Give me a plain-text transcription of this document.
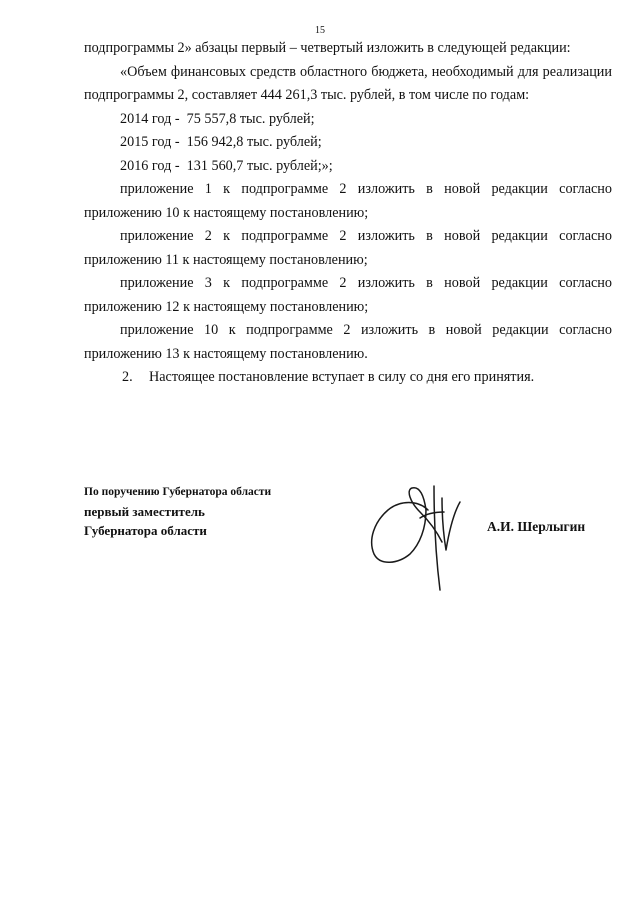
15

подпрограммы 2» абзацы первый – четвертый изложить в следующей редакции:

«Объем финансовых средств областного бюджета, необходимый для реализации подпрограммы 2, составляет 444 261,3 тыс. рублей, в том числе по годам:

2014 год -  75 557,8 тыс. рублей;

2015 год -  156 942,8 тыс. рублей;

2016 год -  131 560,7 тыс. рублей;»;

приложение 1 к подпрограмме 2 изложить в новой редакции согласно приложению 10 к настоящему постановлению;

приложение 2 к подпрограмме 2 изложить в новой редакции согласно приложению 11 к настоящему постановлению;

приложение 3 к подпрограмме 2 изложить в новой редакции согласно приложению 12 к настоящему постановлению;

приложение 10 к подпрограмме 2 изложить в новой редакции согласно приложению 13 к настоящему постановлению.

2. Настоящее постановление вступает в силу со дня его принятия.

По поручению Губернатора области
первый заместитель
Губернатора области	А.И. Шерлыгин
